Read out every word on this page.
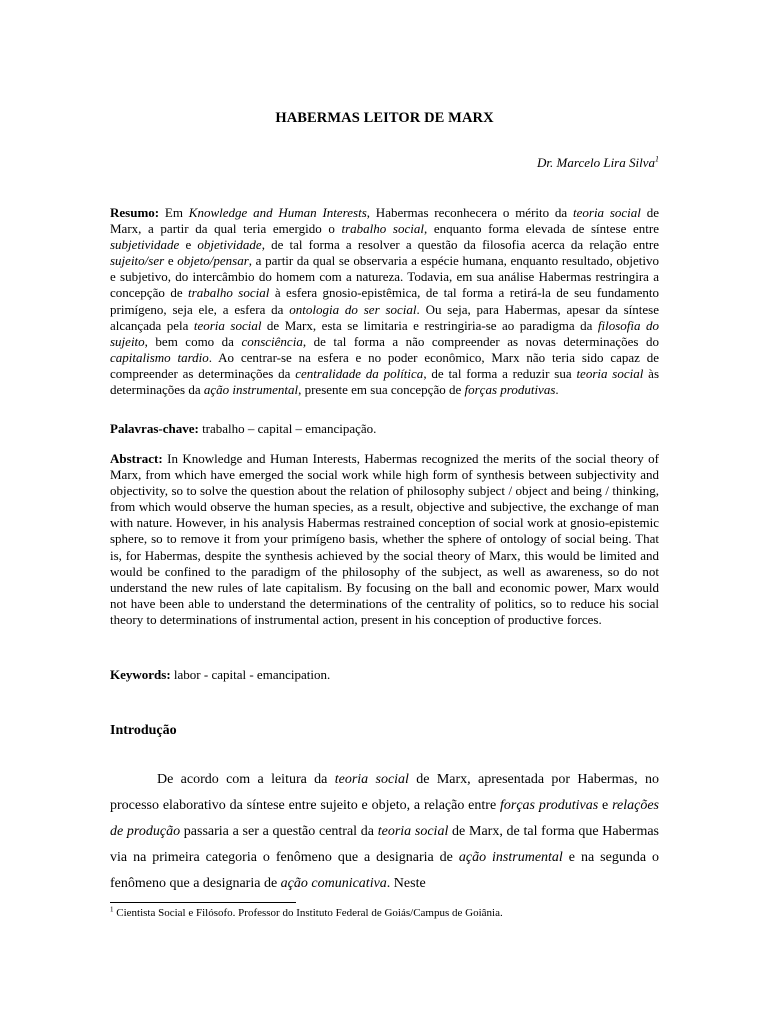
HABERMAS LEITOR DE MARX
Dr. Marcelo Lira Silva$^1$

Resumo: Em Knowledge and Human Interests, Habermas reconhecera o mérito da teoria social de Marx, a partir da qual teria emergido o trabalho social, enquanto forma elevada de síntese entre subjetividade e objetividade, de tal forma a resolver a questão da filosofia acerca da relação entre sujeito/ser e objeto/pensar, a partir da qual se observaria a espécie humana, enquanto resultado, objetivo e subjetivo, do intercâmbio do homem com a natureza. Todavia, em sua análise Habermas restringira a concepção de trabalho social à esfera gnosio-epistêmica, de tal forma a retirá-la de seu fundamento primígeno, seja ele, a esfera da ontologia do ser social. Ou seja, para Habermas, apesar da síntese alcançada pela teoria social de Marx, esta se limitaria e restringiria-se ao paradigma da filosofia do sujeito, bem como da consciência, de tal forma a não compreender as novas determinações do capitalismo tardio. Ao centrar-se na esfera e no poder econômico, Marx não teria sido capaz de compreender as determinações da centralidade da política, de tal forma a reduzir sua teoria social às determinações da ação instrumental, presente em sua concepção de forças produtivas.

Palavras-chave: trabalho – capital – emancipação.

Abstract: In Knowledge and Human Interests, Habermas recognized the merits of the social theory of Marx, from which have emerged the social work while high form of synthesis between subjectivity and objectivity, so to solve the question about the relation of philosophy subject / object and being / thinking, from which would observe the human species, as a result, objective and subjective, the exchange of man with nature. However, in his analysis Habermas restrained conception of social work at gnosio-epistemic sphere, so to remove it from your primígeno basis, whether the sphere of ontology of social being. That is, for Habermas, despite the synthesis achieved by the social theory of Marx, this would be limited and would be confined to the paradigm of the philosophy of the subject, as well as awareness, so do not understand the new rules of late capitalism. By focusing on the ball and economic power, Marx would not have been able to understand the determinations of the centrality of politics, so to reduce his social theory to determinations of instrumental action, present in his conception of productive forces.

Keywords: labor - capital - emancipation.

Introdução

De acordo com a leitura da teoria social de Marx, apresentada por Habermas, no processo elaborativo da síntese entre sujeito e objeto, a relação entre forças produtivas e relações de produção passaria a ser a questão central da teoria social de Marx, de tal forma que Habermas via na primeira categoria o fenômeno que a designaria de ação instrumental e na segunda o fenômeno que a designaria de ação comunicativa. Neste

$^1$ Cientista Social e Filósofo. Professor do Instituto Federal de Goiás/Campus de Goiânia.
